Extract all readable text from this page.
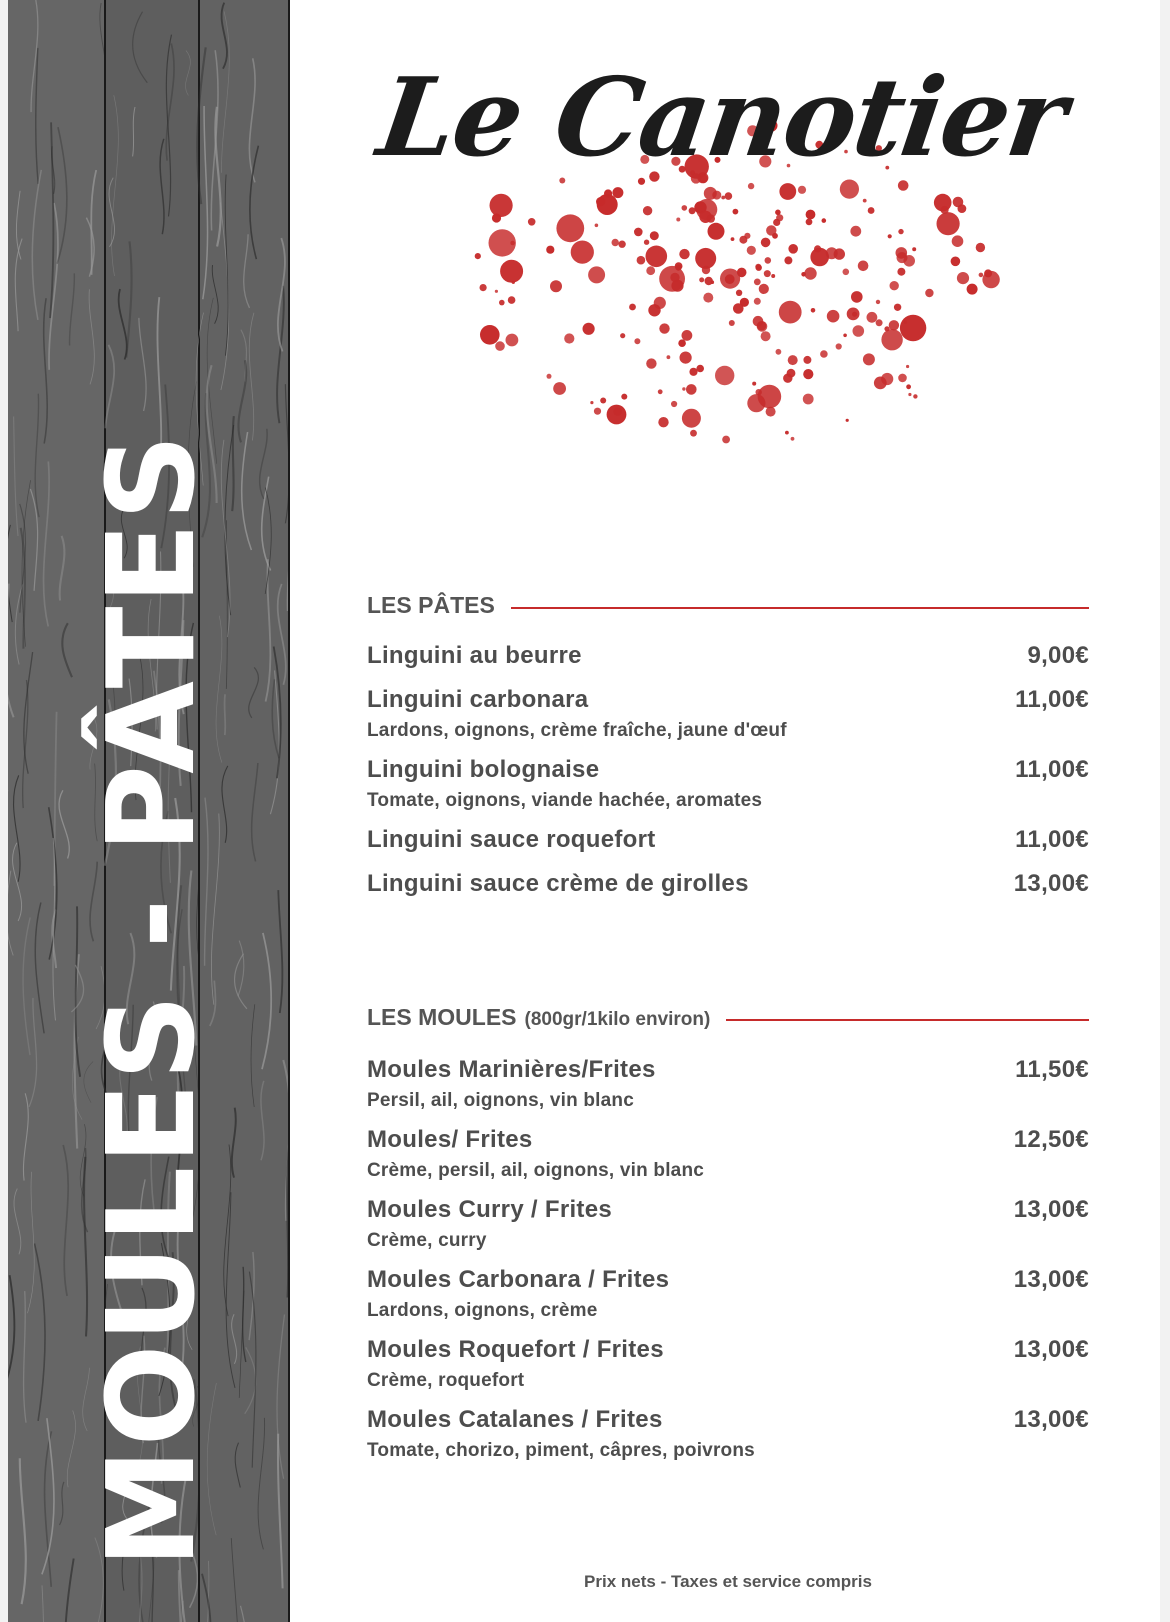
MOULES - PÂTES
Le Canotier
LES PÂTES
Linguini au beurre	9,00€
Linguini carbonara	11,00€
Lardons, oignons, crème fraîche, jaune d'œuf
Linguini bolognaise	11,00€
Tomate, oignons, viande hachée, aromates
Linguini sauce roquefort	11,00€
Linguini sauce crème de girolles	13,00€
LES MOULES (800gr/1kilo environ)
Moules Marinières/Frites	11,50€
Persil, ail, oignons, vin blanc
Moules/ Frites	12,50€
Crème, persil, ail, oignons, vin blanc
Moules Curry / Frites	13,00€
Crème, curry
Moules Carbonara / Frites	13,00€
Lardons, oignons, crème
Moules Roquefort / Frites	13,00€
Crème, roquefort
Moules Catalanes / Frites	13,00€
Tomate, chorizo, piment, câpres, poivrons
Prix nets - Taxes et service compris
